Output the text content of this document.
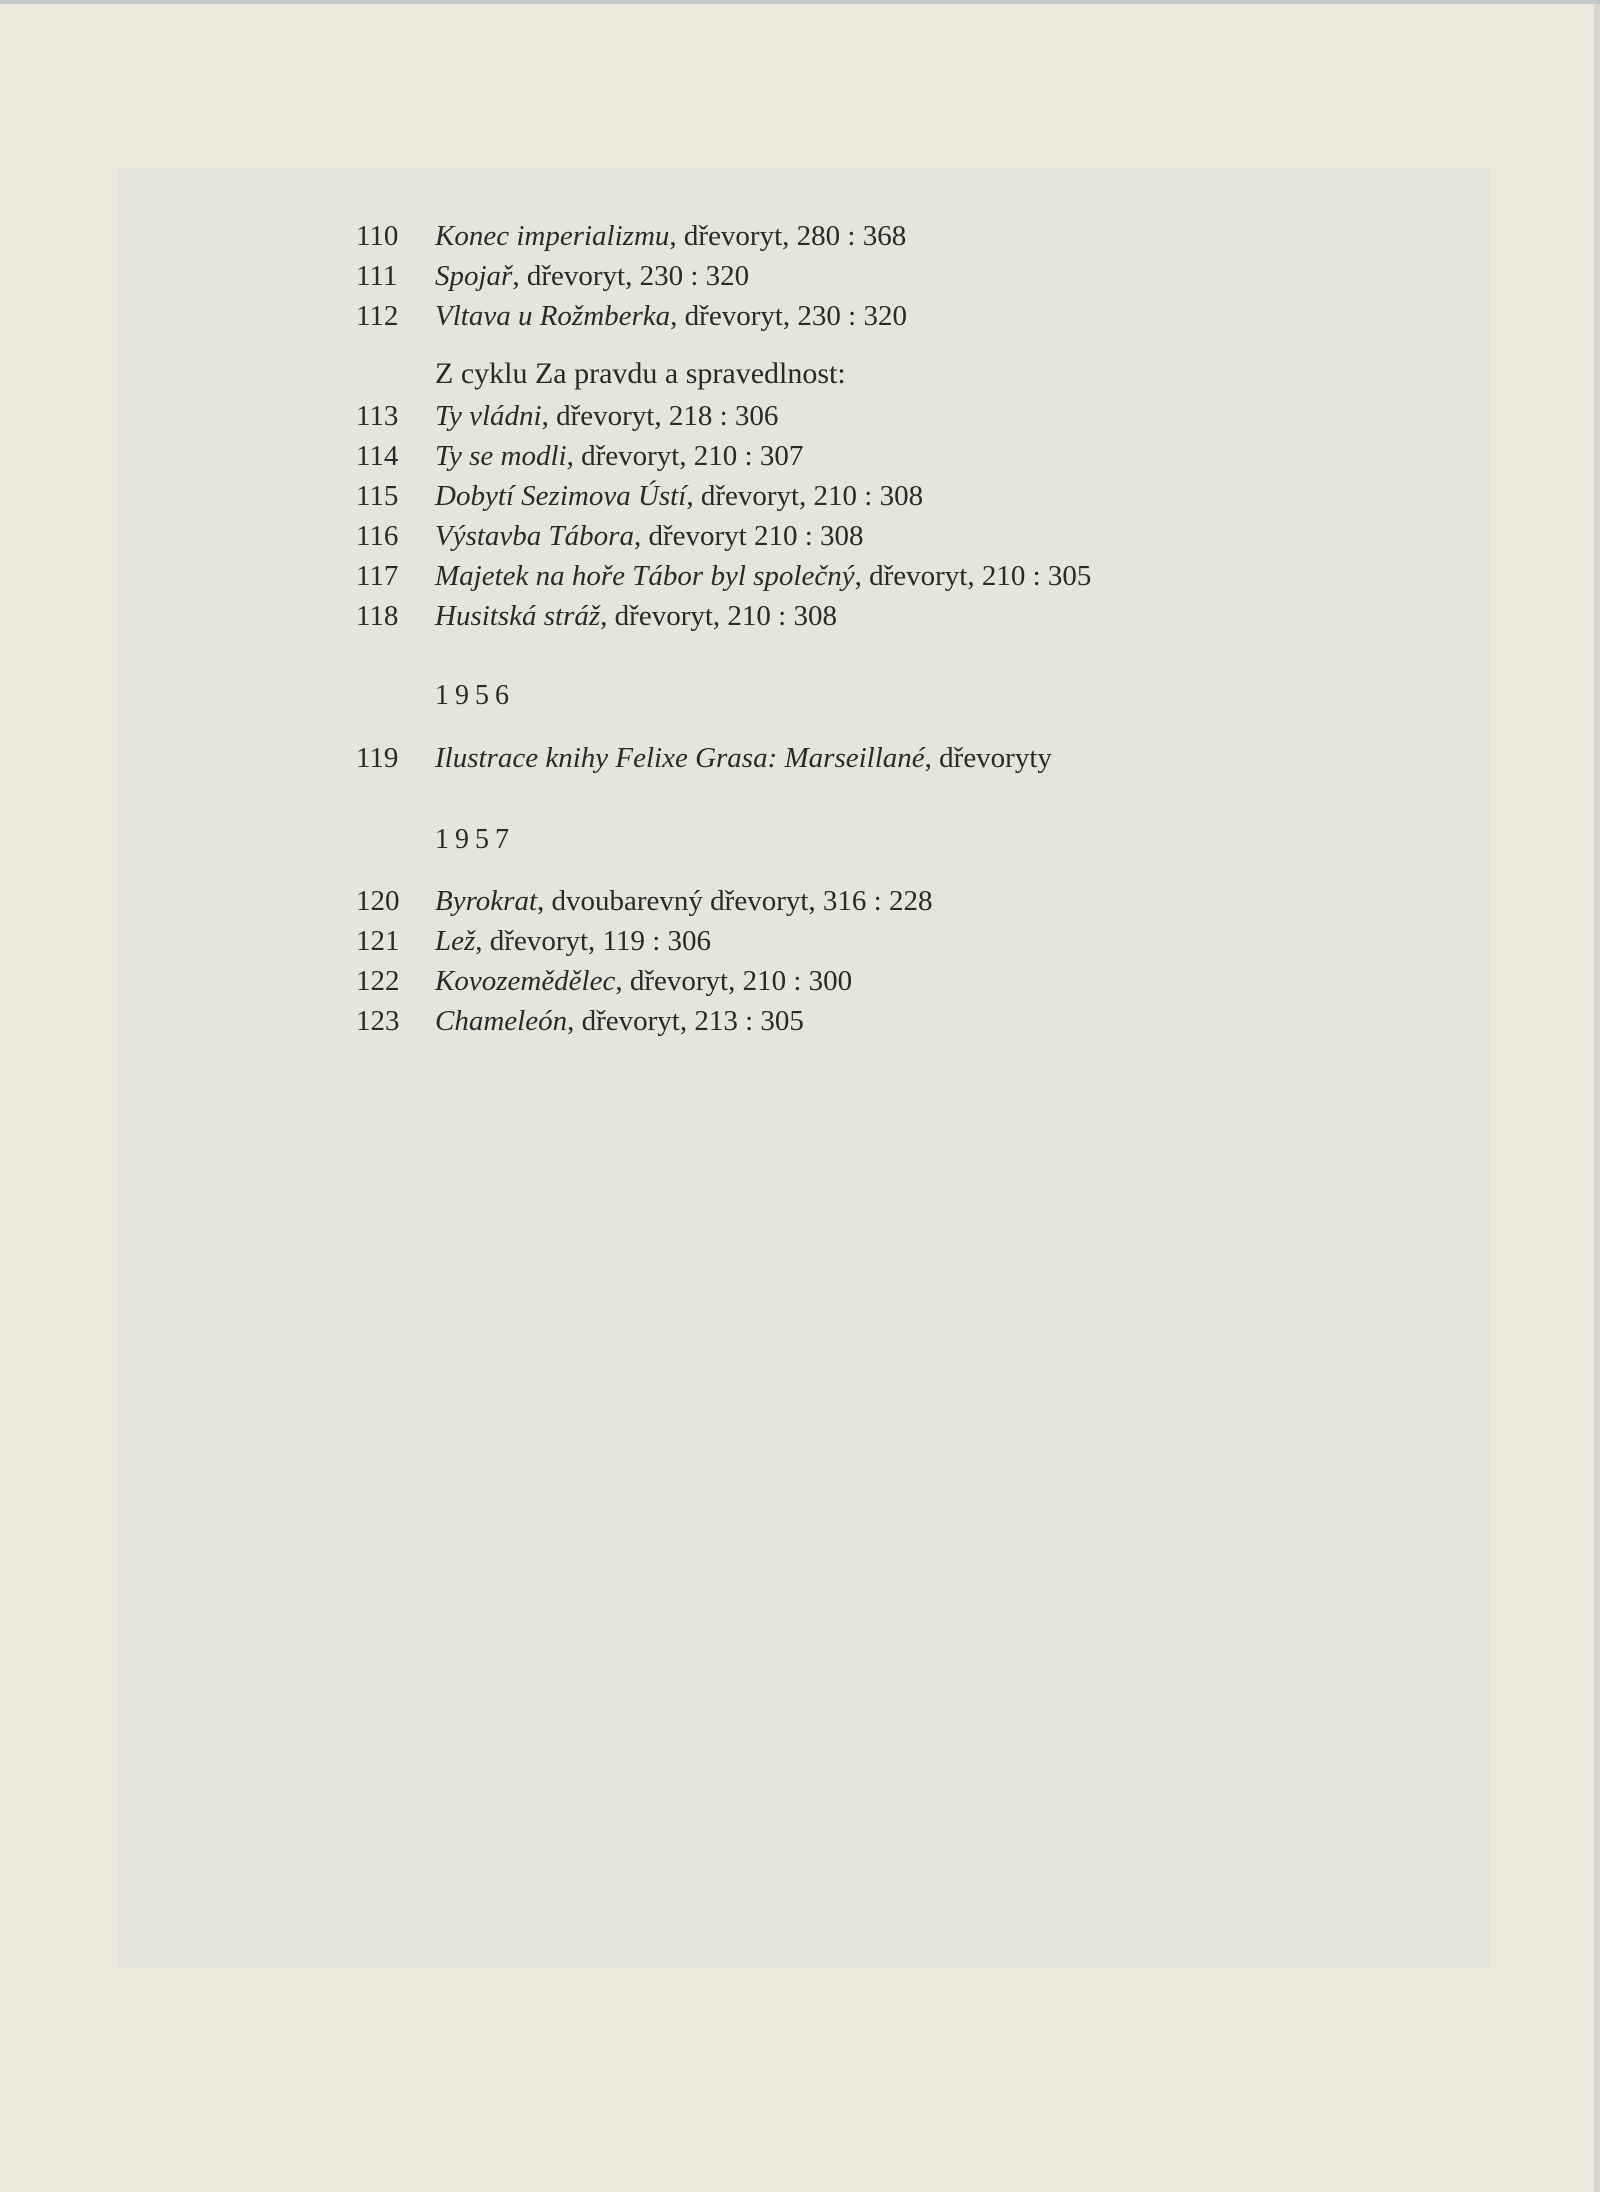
110 Konec imperializmu, dřevoryt, 280 : 368
111 Spojař, dřevoryt, 230 : 320
112 Vltava u Rožmberka, dřevoryt, 230 : 320
Z cyklu Za pravdu a spravedlnost:
113 Ty vládni, dřevoryt, 218 : 306
114 Ty se modli, dřevoryt, 210 : 307
115 Dobytí Sezimova Ústí, dřevoryt, 210 : 308
116 Výstavba Tábora, dřevoryt 210 : 308
117 Majetek na hoře Tábor byl společný, dřevoryt, 210 : 305
118 Husitská stráž, dřevoryt, 210 : 308
1956
119 Ilustrace knihy Felixe Grasa: Marseillané, dřevoryty
1957
120 Byrokrat, dvoubarevný dřevoryt, 316 : 228
121 Lež, dřevoryt, 119 : 306
122 Kovozemědělec, dřevoryt, 210 : 300
123 Chameleón, dřevoryt, 213 : 305
